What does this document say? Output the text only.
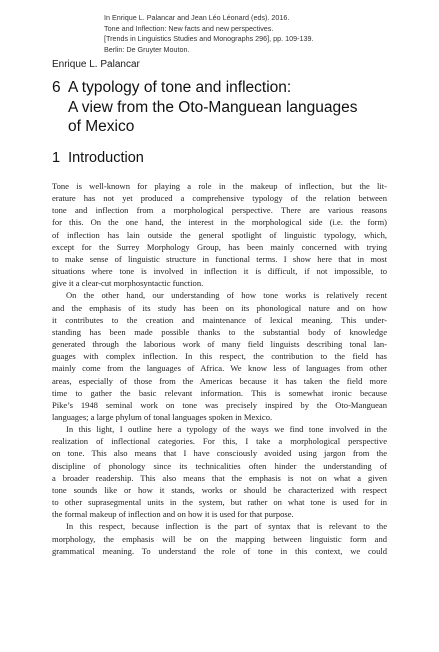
In Enrique L. Palancar and Jean Léo Léonard (eds). 2016.
Tone and Inflection: New facts and new perspectives.
[Trends in Linguistics Studies and Monographs 296], pp. 109-139.
Berlin: De Gruyter Mouton.
Enrique L. Palancar
6 A typology of tone and inflection:
A view from the Oto-Manguean languages
of Mexico
1 Introduction
Tone is well-known for playing a role in the makeup of inflection, but the lit-
erature has not yet produced a comprehensive typology of the relation between
tone and inflection from a morphological perspective. There are various reasons
for this. On the one hand, the interest in the morphological side (i.e. the form)
of inflection has lain outside the general spotlight of linguistic typology, which,
except for the Surrey Morphology Group, has been mainly concerned with trying
to make sense of linguistic structure in functional terms. I show here that in most
situations where tone is involved in inflection it is difficult, if not impossible, to
give it a clear-cut morphosyntactic function.
On the other hand, our understanding of how tone works is relatively recent
and the emphasis of its study has been on its phonological nature and on how
it contributes to the creation and maintenance of lexical meaning. This under-
standing has been made possible thanks to the substantial body of knowledge
generated through the laborious work of many field linguists describing tonal lan-
guages with complex inflection. In this respect, the contribution to the field has
mainly come from the languages of Africa. We know less of languages from other
areas, especially of those from the Americas because it has taken the field more
time to gather the basic relevant information. This is somewhat ironic because
Pike’s 1948 seminal work on tone was precisely inspired by the Oto-Manguean
languages; a large phylum of tonal languages spoken in Mexico.
In this light, I outline here a typology of the ways we find tone involved in the
realization of inflectional categories. For this, I take a morphological perspective
on tone. This also means that I have consciously avoided using jargon from the
discipline of phonology since its technicalities often hinder the understanding of
a broader readership. This also means that the emphasis is not on what a given
tone sounds like or how it stands, works or should be characterized with respect
to other suprasegmental units in the system, but rather on what tone is used for in
the formal makeup of inflection and on how it is used for that purpose.
In this respect, because inflection is the part of syntax that is relevant to the
morphology, the emphasis will be on the mapping between linguistic form and
grammatical meaning. To understand the role of tone in this context, we could
